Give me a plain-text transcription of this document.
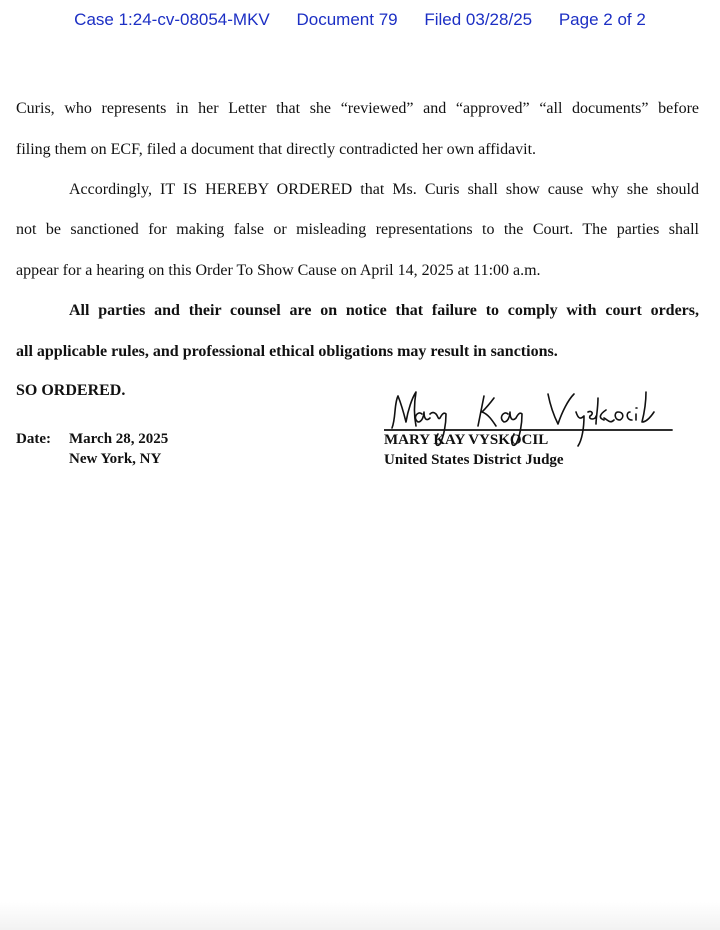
Case 1:24-cv-08054-MKV Document 79 Filed 03/28/25 Page 2 of 2
Curis, who represents in her Letter that she “reviewed” and “approved” “all documents” before
filing them on ECF, filed a document that directly contradicted her own affidavit.
Accordingly, IT IS HEREBY ORDERED that Ms. Curis shall show cause why she should
not be sanctioned for making false or misleading representations to the Court. The parties shall
appear for a hearing on this Order To Show Cause on April 14, 2025 at 11:00 a.m.
All parties and their counsel are on notice that failure to comply with court orders,
all applicable rules, and professional ethical obligations may result in sanctions.
SO ORDERED.
MARY KAY VYSKOCIL
United States District Judge
Date: March 28, 2025
New York, NY
